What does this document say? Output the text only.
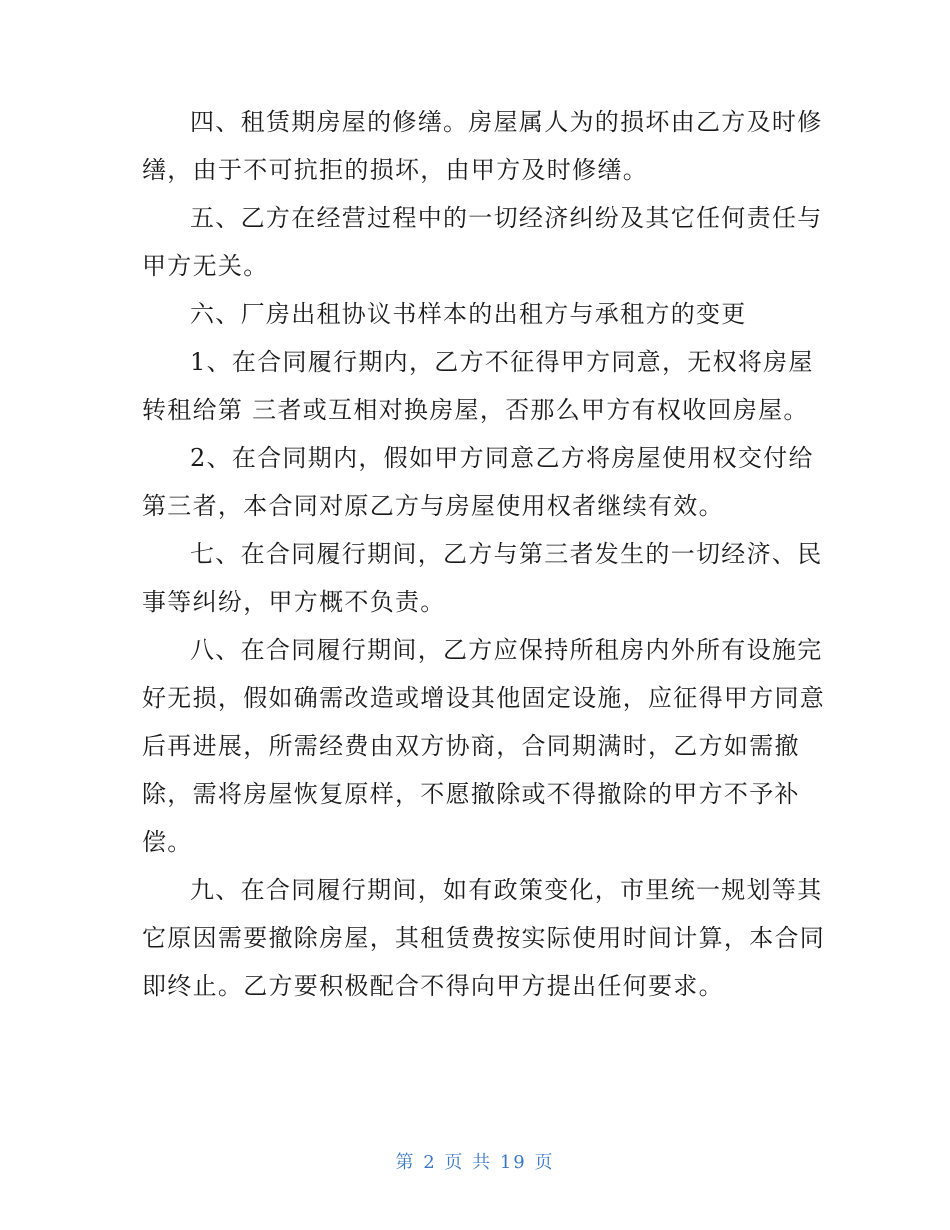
四、租赁期房屋的修缮。房屋属人为的损坏由乙方及时修
缮，由于不可抗拒的损坏，由甲方及时修缮。
五、乙方在经营过程中的一切经济纠纷及其它任何责任与
甲方无关。
六、厂房出租协议书样本的出租方与承租方的变更
1、在合同履行期内，乙方不征得甲方同意，无权将房屋
转租给第 三者或互相对换房屋，否那么甲方有权收回房屋。
2、在合同期内，假如甲方同意乙方将房屋使用权交付给
第三者，本合同对原乙方与房屋使用权者继续有效。
七、在合同履行期间，乙方与第三者发生的一切经济、民
事等纠纷，甲方概不负责。
八、在合同履行期间，乙方应保持所租房内外所有设施完
好无损，假如确需改造或增设其他固定设施，应征得甲方同意
后再进展，所需经费由双方协商，合同期满时，乙方如需撤
除，需将房屋恢复原样，不愿撤除或不得撤除的甲方不予补
偿。
九、在合同履行期间，如有政策变化，市里统一规划等其
它原因需要撤除房屋，其租赁费按实际使用时间计算，本合同
即终止。乙方要积极配合不得向甲方提出任何要求。
第 2 页 共 19 页
